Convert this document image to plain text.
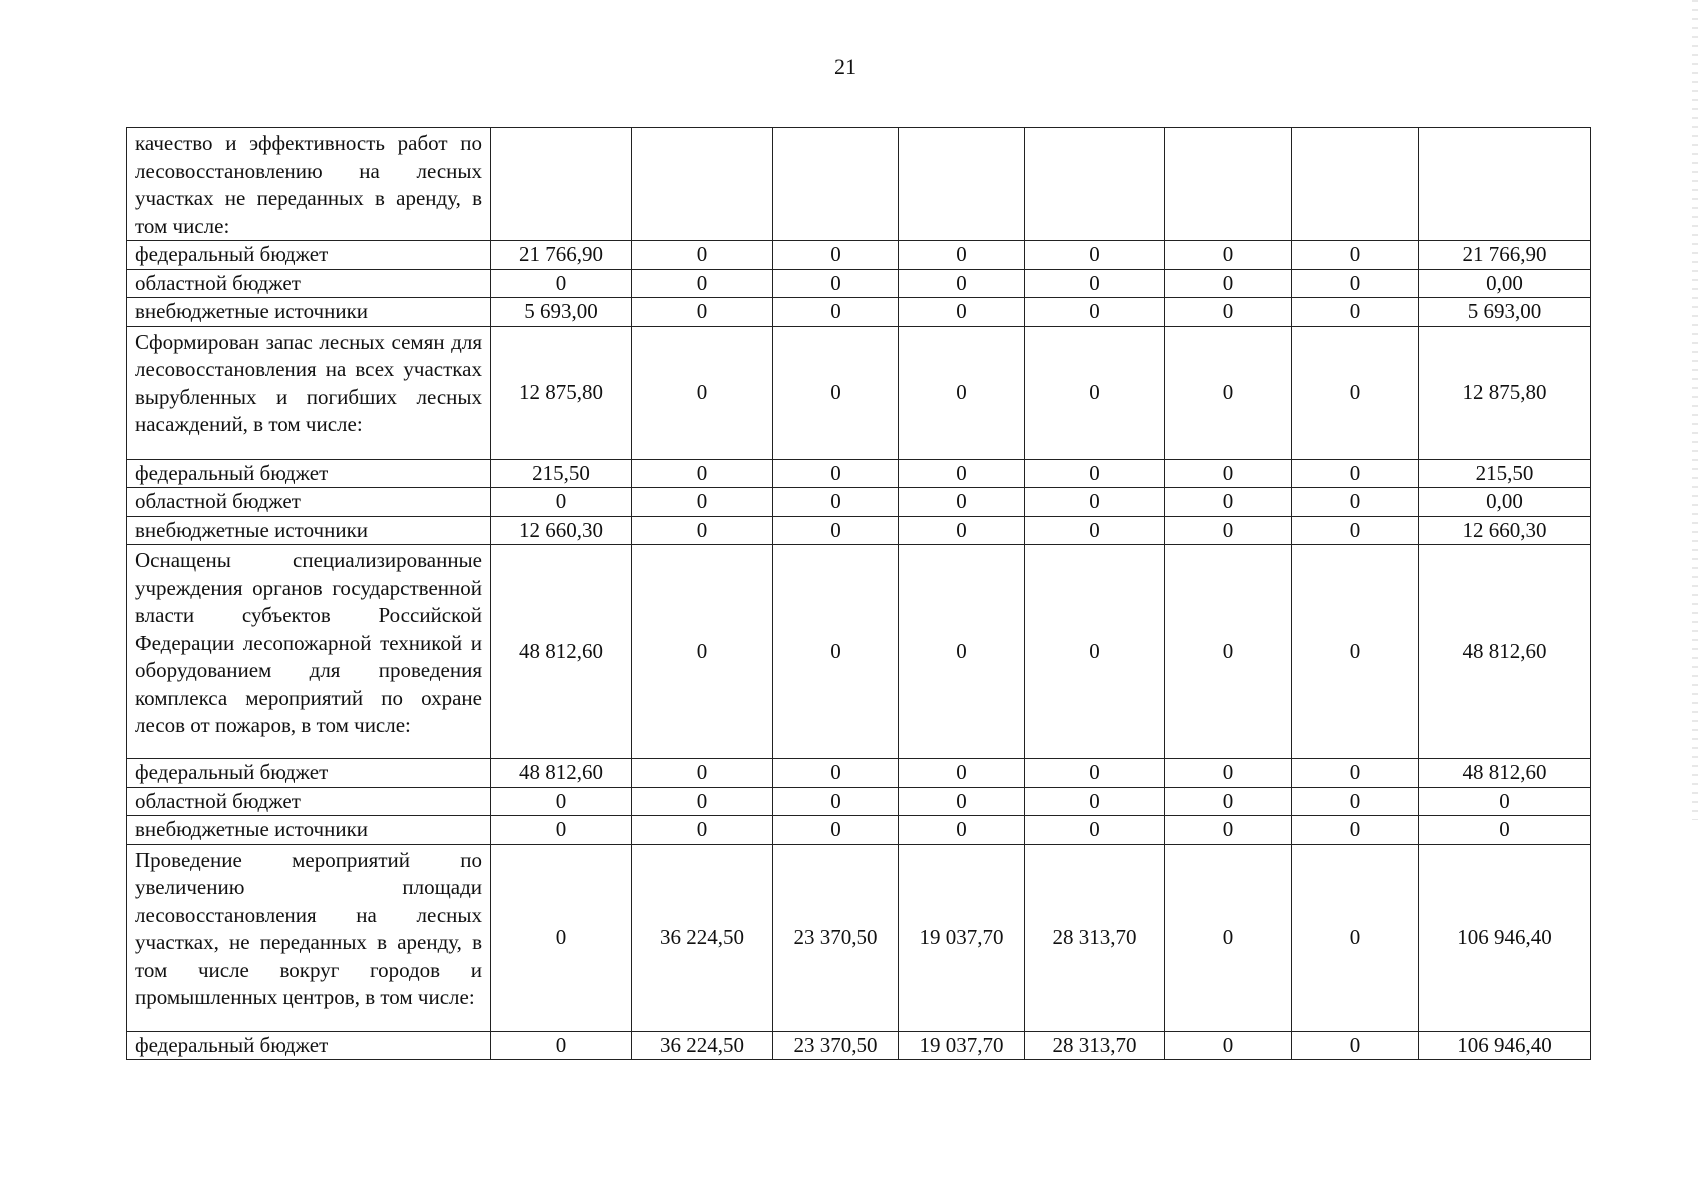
21
качество и эффективность работ по лесовосстановлению на лесных участках не переданных в аренду, в том числе:								
федеральный бюджет	21 766,90	0	0	0	0	0	0	21 766,90
областной бюджет	0	0	0	0	0	0	0	0,00
внебюджетные источники	5 693,00	0	0	0	0	0	0	5 693,00
Сформирован запас лесных семян для лесовосстановления на всех участках вырубленных и погибших лесных насаждений, в том числе:	12 875,80	0	0	0	0	0	0	12 875,80
федеральный бюджет	215,50	0	0	0	0	0	0	215,50
областной бюджет	0	0	0	0	0	0	0	0,00
внебюджетные источники	12 660,30	0	0	0	0	0	0	12 660,30
Оснащены специализированные учреждения органов государственной власти субъектов Российской Федерации лесопожарной техникой и оборудованием для проведения комплекса мероприятий по охране лесов от пожаров, в том числе:	48 812,60	0	0	0	0	0	0	48 812,60
федеральный бюджет	48 812,60	0	0	0	0	0	0	48 812,60
областной бюджет	0	0	0	0	0	0	0	0
внебюджетные источники	0	0	0	0	0	0	0	0
Проведение мероприятий по увеличению площади лесовосстановления на лесных участках, не переданных в аренду, в том числе вокруг городов и промышленных центров, в том числе:	0	36 224,50	23 370,50	19 037,70	28 313,70	0	0	106 946,40
федеральный бюджет	0	36 224,50	23 370,50	19 037,70	28 313,70	0	0	106 946,40
